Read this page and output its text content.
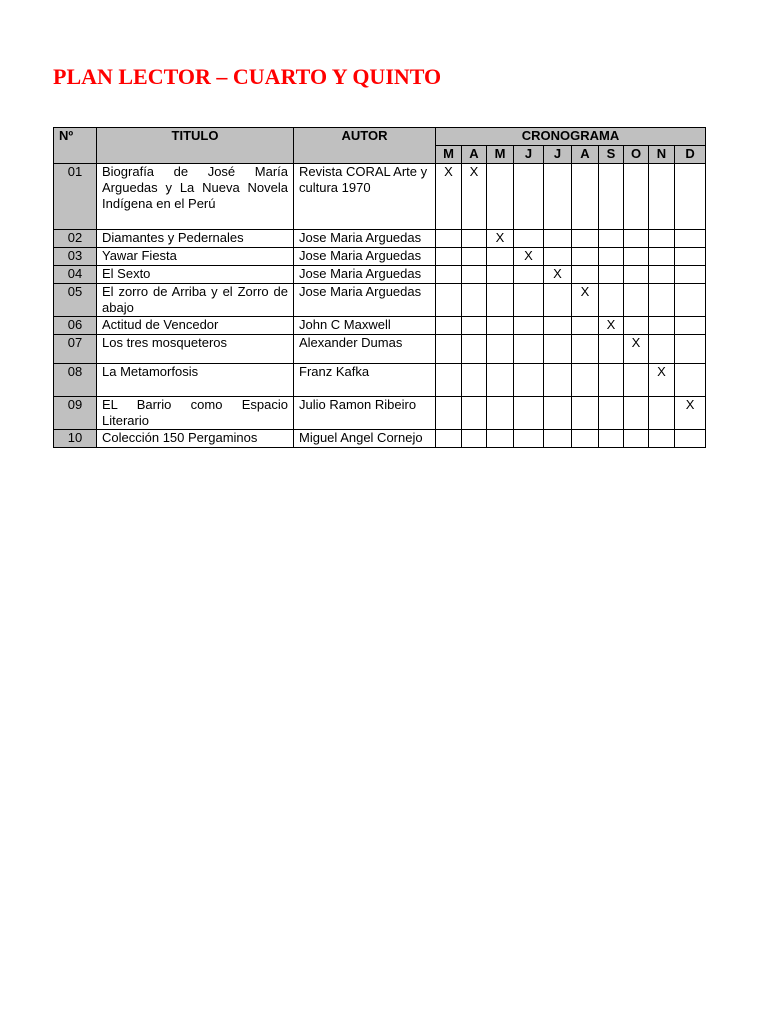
PLAN LECTOR – CUARTO Y QUINTO
Nº	TITULO	AUTOR	CRONOGRAMA									
			M	A	M	J	J	A	S	O	N	D
01	Biografía de José María Arguedas y La Nueva Novela Indígena en el Perú	Revista CORAL Arte y cultura 1970	X	X								
02	Diamantes y Pedernales	Jose Maria Arguedas			X							
03	Yawar Fiesta	Jose Maria Arguedas				X						
04	El Sexto	Jose Maria Arguedas					X					
05	El zorro de Arriba y el Zorro de abajo	Jose Maria Arguedas						X				
06	Actitud de Vencedor	John C Maxwell							X			
07	Los tres mosqueteros	Alexander Dumas								X		
08	La Metamorfosis	Franz Kafka									X	
09	EL Barrio como Espacio Literario	Julio Ramon Ribeiro										X
10	Colección 150 Pergaminos	Miguel Angel Cornejo										
